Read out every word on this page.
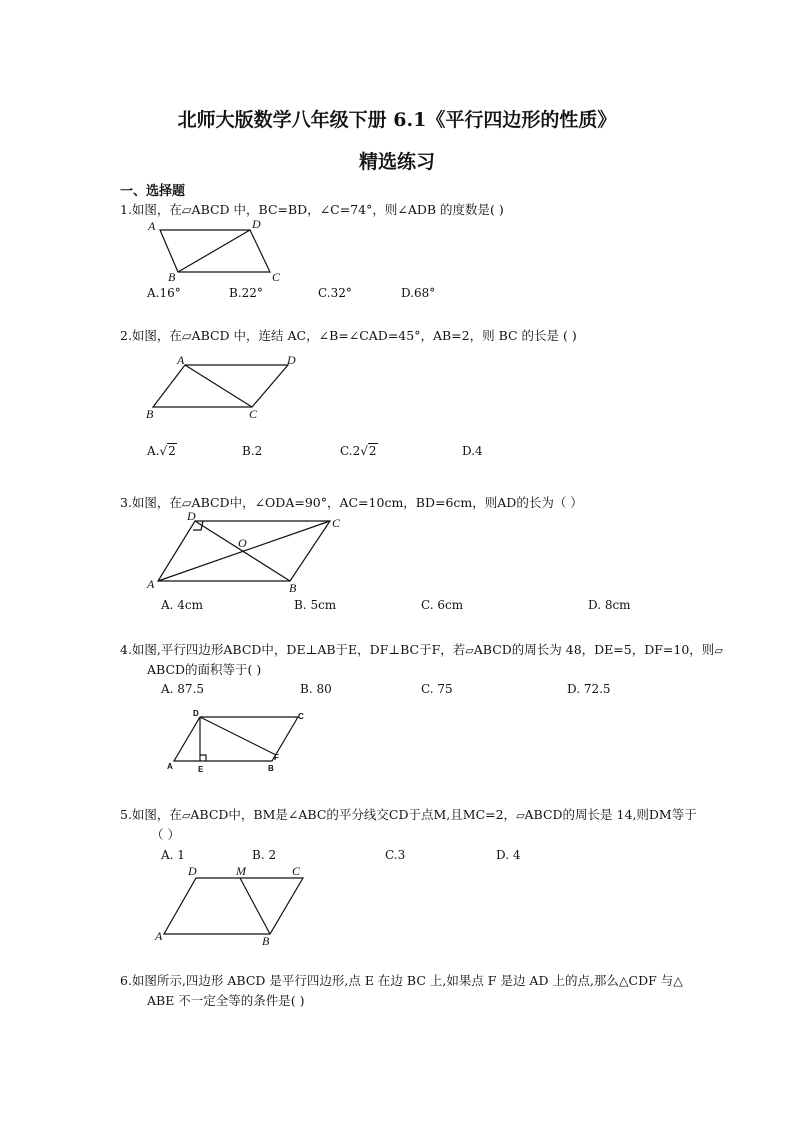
北师大版数学八年级下册 6.1《平行四边形的性质》
精选练习
一、选择题
1.如图，在▱ABCD 中，BC=BD，∠C=74°，则∠ADB 的度数是( )
A	D
B	C
A.16°	B.22°	C.32°	D.68°
2.如图，在▱ABCD 中，连结 AC，∠B=∠CAD=45°，AB=2，则 BC 的长是 ( )
A	D
B	C
A.√2	B.2	C.2√2	D.4
3.如图，在▱ABCD中，∠ODA=90°，AC=10cm，BD=6cm，则AD的长为（ ）
D	C
O
A	B
A. 4cm	B. 5cm	C. 6cm	D. 8cm
4.如图,平行四边形ABCD中，DE⊥AB于E，DF⊥BC于F，若▱ABCD的周长为 48，DE=5，DF=10，则▱
ABCD的面积等于( )
A. 87.5	B. 80	C. 75	D. 72.5
D	C
F
A	E	B
5.如图，在▱ABCD中，BM是∠ABC的平分线交CD于点M,且MC=2，▱ABCD的周长是 14,则DM等于
（ ）
A. 1	B. 2	C.3	D. 4
D	M	C
A	B
6.如图所示,四边形 ABCD 是平行四边形,点 E 在边 BC 上,如果点 F 是边 AD 上的点,那么△CDF 与△
ABE 不一定全等的条件是( )
